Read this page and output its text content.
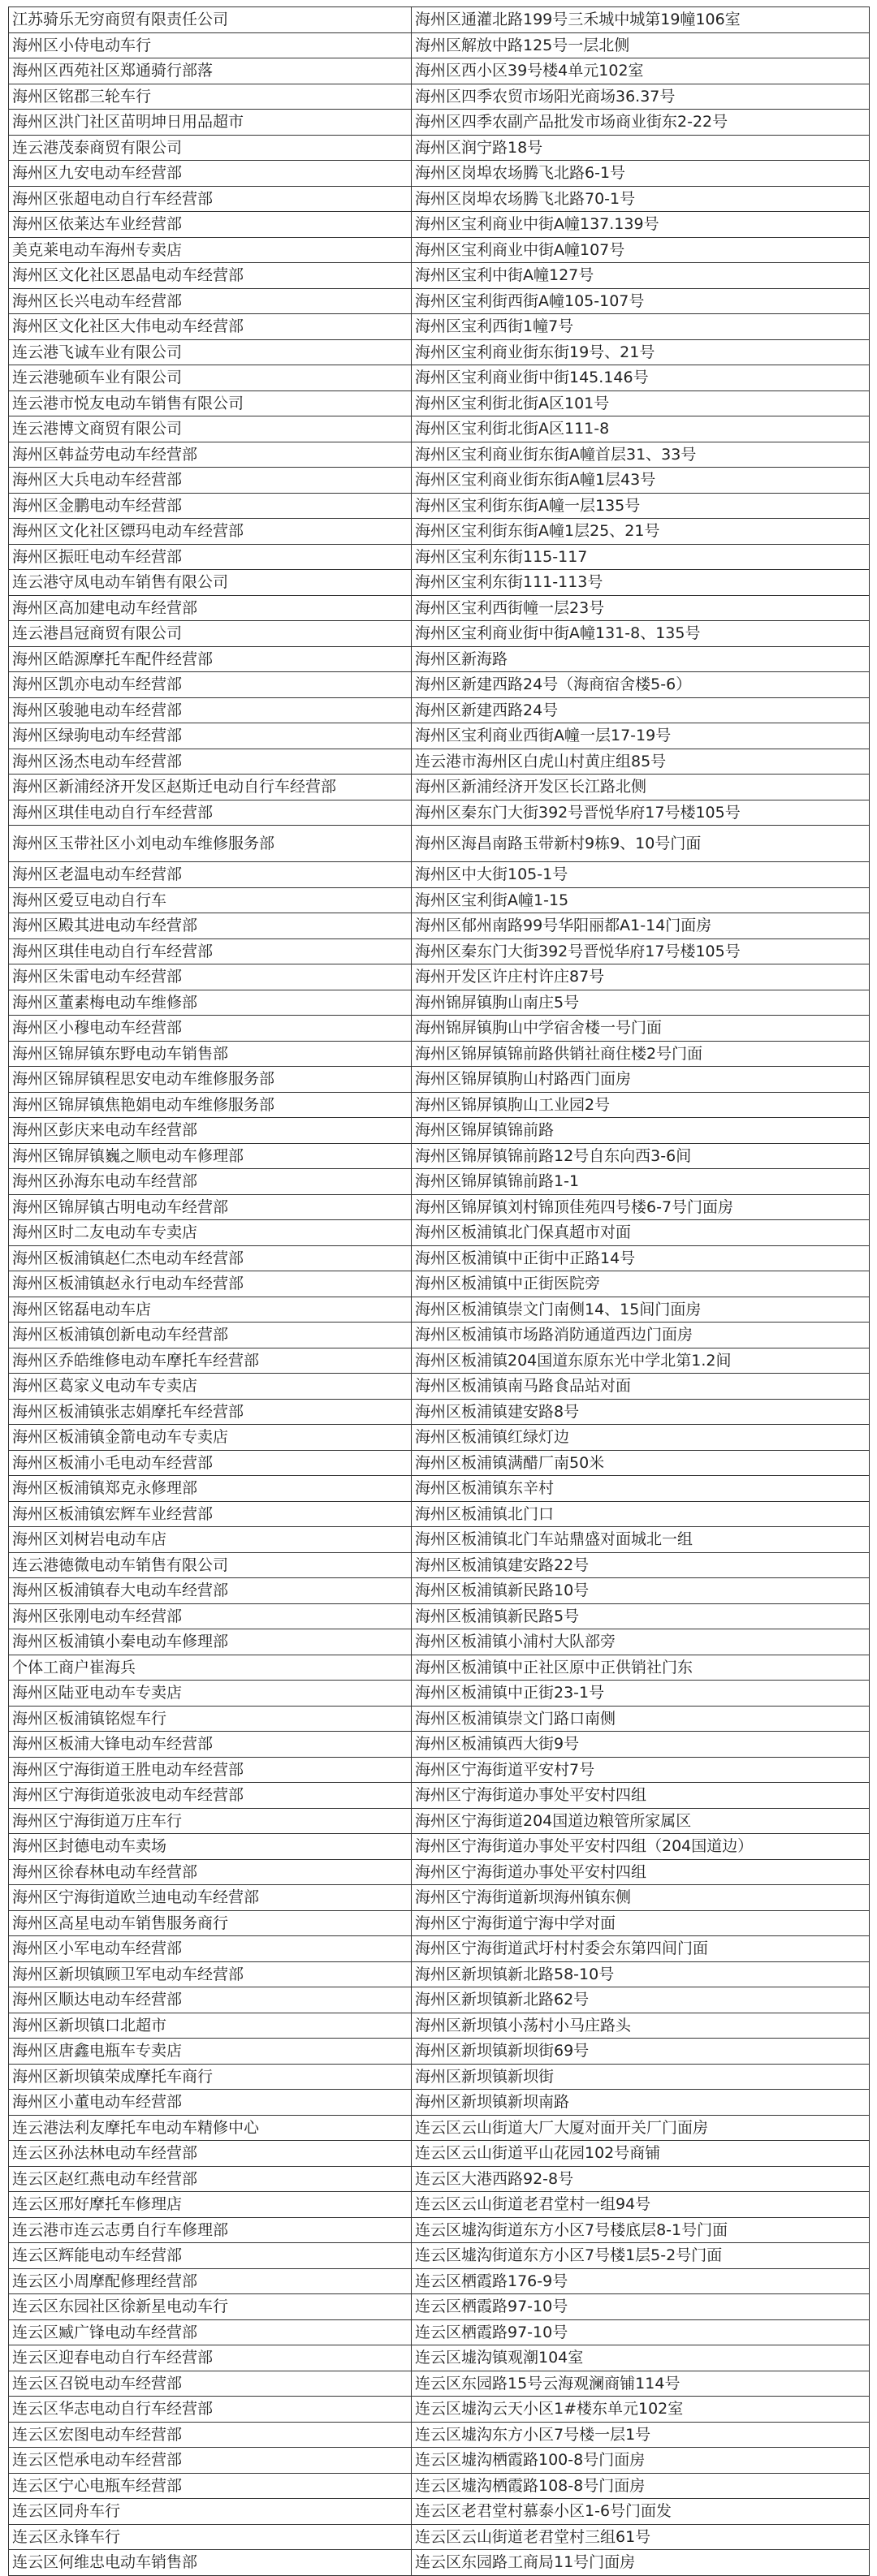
江苏骑乐无穷商贸有限责任公司	海州区通灌北路199号三禾城中城第19幢106室
海州区小侍电动车行	海州区解放中路125号一层北侧
海州区西苑社区郑通骑行部落	海州区西小区39号楼4单元102室
海州区铭郡三轮车行	海州区四季农贸市场阳光商场36.37号
海州区洪门社区苗明坤日用品超市	海州区四季农副产品批发市场商业街东2-22号
连云港茂泰商贸有限公司	海州区润宁路18号
海州区九安电动车经营部	海州区岗埠农场腾飞北路6-1号
海州区张超电动自行车经营部	海州区岗埠农场腾飞北路70-1号
海州区依莱达车业经营部	海州区宝利商业中街A幢137.139号
美克莱电动车海州专卖店	海州区宝利商业中街A幢107号
海州区文化社区恩晶电动车经营部	海州区宝利中街A幢127号
海州区长兴电动车经营部	海州区宝利街西街A幢105-107号
海州区文化社区大伟电动车经营部	海州区宝利西街1幢7号
连云港飞诚车业有限公司	海州区宝利商业街东街19号、21号
连云港驰硕车业有限公司	海州区宝利商业街中街145.146号
连云港市悦友电动车销售有限公司	海州区宝利街北街A区101号
连云港博文商贸有限公司	海州区宝利街北街A区111-8
海州区韩益劳电动车经营部	海州区宝利商业街东街A幢首层31、33号
海州区大兵电动车经营部	海州区宝利商业街东街A幢1层43号
海州区金鹏电动车经营部	海州区宝利街东街A幢一层135号
海州区文化社区镖玛电动车经营部	海州区宝利街东街A幢1层25、21号
海州区振旺电动车经营部	海州区宝利东街115-117
连云港守凤电动车销售有限公司	海州区宝利东街111-113号
海州区高加建电动车经营部	海州区宝利西街幢一层23号
连云港昌冠商贸有限公司	海州区宝利商业街中街A幢131-8、135号
海州区皓源摩托车配件经营部	海州区新海路
海州区凯亦电动车经营部	海州区新建西路24号（海商宿舍楼5-6）
海州区骏驰电动车经营部	海州区新建西路24号
海州区绿驹电动车经营部	海州区宝利商业西街A幢一层17-19号
海州区汤杰电动车经营部	连云港市海州区白虎山村黄庄组85号
海州区新浦经济开发区赵斯迁电动自行车经营部	海州区新浦经济开发区长江路北侧
海州区琪佳电动自行车经营部	海州区秦东门大街392号晋悦华府17号楼105号
海州区玉带社区小刘电动车维修服务部	海州区海昌南路玉带新村9栋9、10号门面
海州区老温电动车经营部	海州区中大街105-1号
海州区爱豆电动自行车	海州区宝利街A幢1-15
海州区殿其进电动车经营部	海州区郁州南路99号华阳丽都A1-14门面房
海州区琪佳电动自行车经营部	海州区秦东门大街392号晋悦华府17号楼105号
海州区朱雷电动车经营部	海州开发区许庄村许庄87号
海州区董素梅电动车维修部	海州锦屏镇朐山南庄5号
海州区小穆电动车经营部	海州锦屏镇朐山中学宿舍楼一号门面
海州区锦屏镇东野电动车销售部	海州区锦屏镇锦前路供销社商住楼2号门面
海州区锦屏镇程思安电动车维修服务部	海州区锦屏镇朐山村路西门面房
海州区锦屏镇焦艳娟电动车维修服务部	海州区锦屏镇朐山工业园2号
海州区彭庆来电动车经营部	海州区锦屏镇锦前路
海州区锦屏镇巍之顺电动车修理部	海州区锦屏镇锦前路12号自东向西3-6间
海州区孙海东电动车经营部	海州区锦屏镇锦前路1-1
海州区锦屏镇古明电动车经营部	海州区锦屏镇刘村锦顶佳苑四号楼6-7号门面房
海州区时二友电动车专卖店	海州区板浦镇北门保真超市对面
海州区板浦镇赵仁杰电动车经营部	海州区板浦镇中正街中正路14号
海州区板浦镇赵永行电动车经营部	海州区板浦镇中正街医院旁
海州区铭磊电动车店	海州区板浦镇崇文门南侧14、15间门面房
海州区板浦镇创新电动车经营部	海州区板浦镇市场路消防通道西边门面房
海州区乔皓维修电动车摩托车经营部	海州区板浦镇204国道东原东光中学北第1.2间
海州区葛家义电动车专卖店	海州区板浦镇南马路食品站对面
海州区板浦镇张志娟摩托车经营部	海州区板浦镇建安路8号
海州区板浦镇金箭电动车专卖店	海州区板浦镇红绿灯边
海州区板浦小毛电动车经营部	海州区板浦镇满醋厂南50米
海州区板浦镇郑克永修理部	海州区板浦镇东辛村
海州区板浦镇宏辉车业经营部	海州区板浦镇北门口
海州区刘树岩电动车店	海州区板浦镇北门车站鼎盛对面城北一组
连云港德微电动车销售有限公司	海州区板浦镇建安路22号
海州区板浦镇春大电动车经营部	海州区板浦镇新民路10号
海州区张刚电动车经营部	海州区板浦镇新民路5号
海州区板浦镇小秦电动车修理部	海州区板浦镇小浦村大队部旁
个体工商户崔海兵	海州区板浦镇中正社区原中正供销社门东
海州区陆亚电动车专卖店	海州区板浦镇中正街23-1号
海州区板浦镇铭煜车行	海州区板浦镇崇文门路口南侧
海州区板浦大锋电动车经营部	海州区板浦镇西大街9号
海州区宁海街道王胜电动车经营部	海州区宁海街道平安村7号
海州区宁海街道张波电动车经营部	海州区宁海街道办事处平安村四组
海州区宁海街道万庄车行	海州区宁海街道204国道边粮管所家属区
海州区封德电动车卖场	海州区宁海街道办事处平安村四组（204国道边）
海州区徐春林电动车经营部	海州区宁海街道办事处平安村四组
海州区宁海街道欧兰迪电动车经营部	海州区宁海街道新坝海州镇东侧
海州区高星电动车销售服务商行	海州区宁海街道宁海中学对面
海州区小军电动车经营部	海州区宁海街道武圩村村委会东第四间门面
海州区新坝镇顾卫军电动车经营部	海州区新坝镇新北路58-10号
海州区顺达电动车经营部	海州区新坝镇新北路62号
海州区新坝镇口北超市	海州区新坝镇小荡村小马庄路头
海州区唐鑫电瓶车专卖店	海州区新坝镇新坝街69号
海州区新坝镇荣成摩托车商行	海州区新坝镇新坝街
海州区小董电动车经营部	海州区新坝镇新坝南路
连云港法利友摩托车电动车精修中心	连云区云山街道大厂大厦对面开关厂门面房
连云区孙法林电动车经营部	连云区云山街道平山花园102号商铺
连云区赵红燕电动车经营部	连云区大港西路92-8号
连云区邢好摩托车修理店	连云区云山街道老君堂村一组94号
连云港市连云志勇自行车修理部	连云区墟沟街道东方小区7号楼底层8-1号门面
连云区辉能电动车经营部	连云区墟沟街道东方小区7号楼1层5-2号门面
连云区小周摩配修理经营部	连云区栖霞路176-9号
连云区东园社区徐新星电动车行	连云区栖霞路97-10号
连云区臧广锋电动车经营部	连云区栖霞路97-10号
连云区迎春电动自行车经营部	连云区墟沟镇观潮104室
连云区召锐电动车经营部	连云区东园路15号云海观澜商铺114号
连云区华志电动自行车经营部	连云区墟沟云天小区1#楼东单元102室
连云区宏图电动车经营部	连云区墟沟东方小区7号楼一层1号
连云区恺承电动车经营部	连云区墟沟栖霞路100-8号门面房
连云区宁心电瓶车经营部	连云区墟沟栖霞路108-8号门面房
连云区同舟车行	连云区老君堂村慕泰小区1-6号门面发
连云区永锋车行	连云区云山街道老君堂村三组61号
连云区何维忠电动车销售部	连云区东园路工商局11号门面房
